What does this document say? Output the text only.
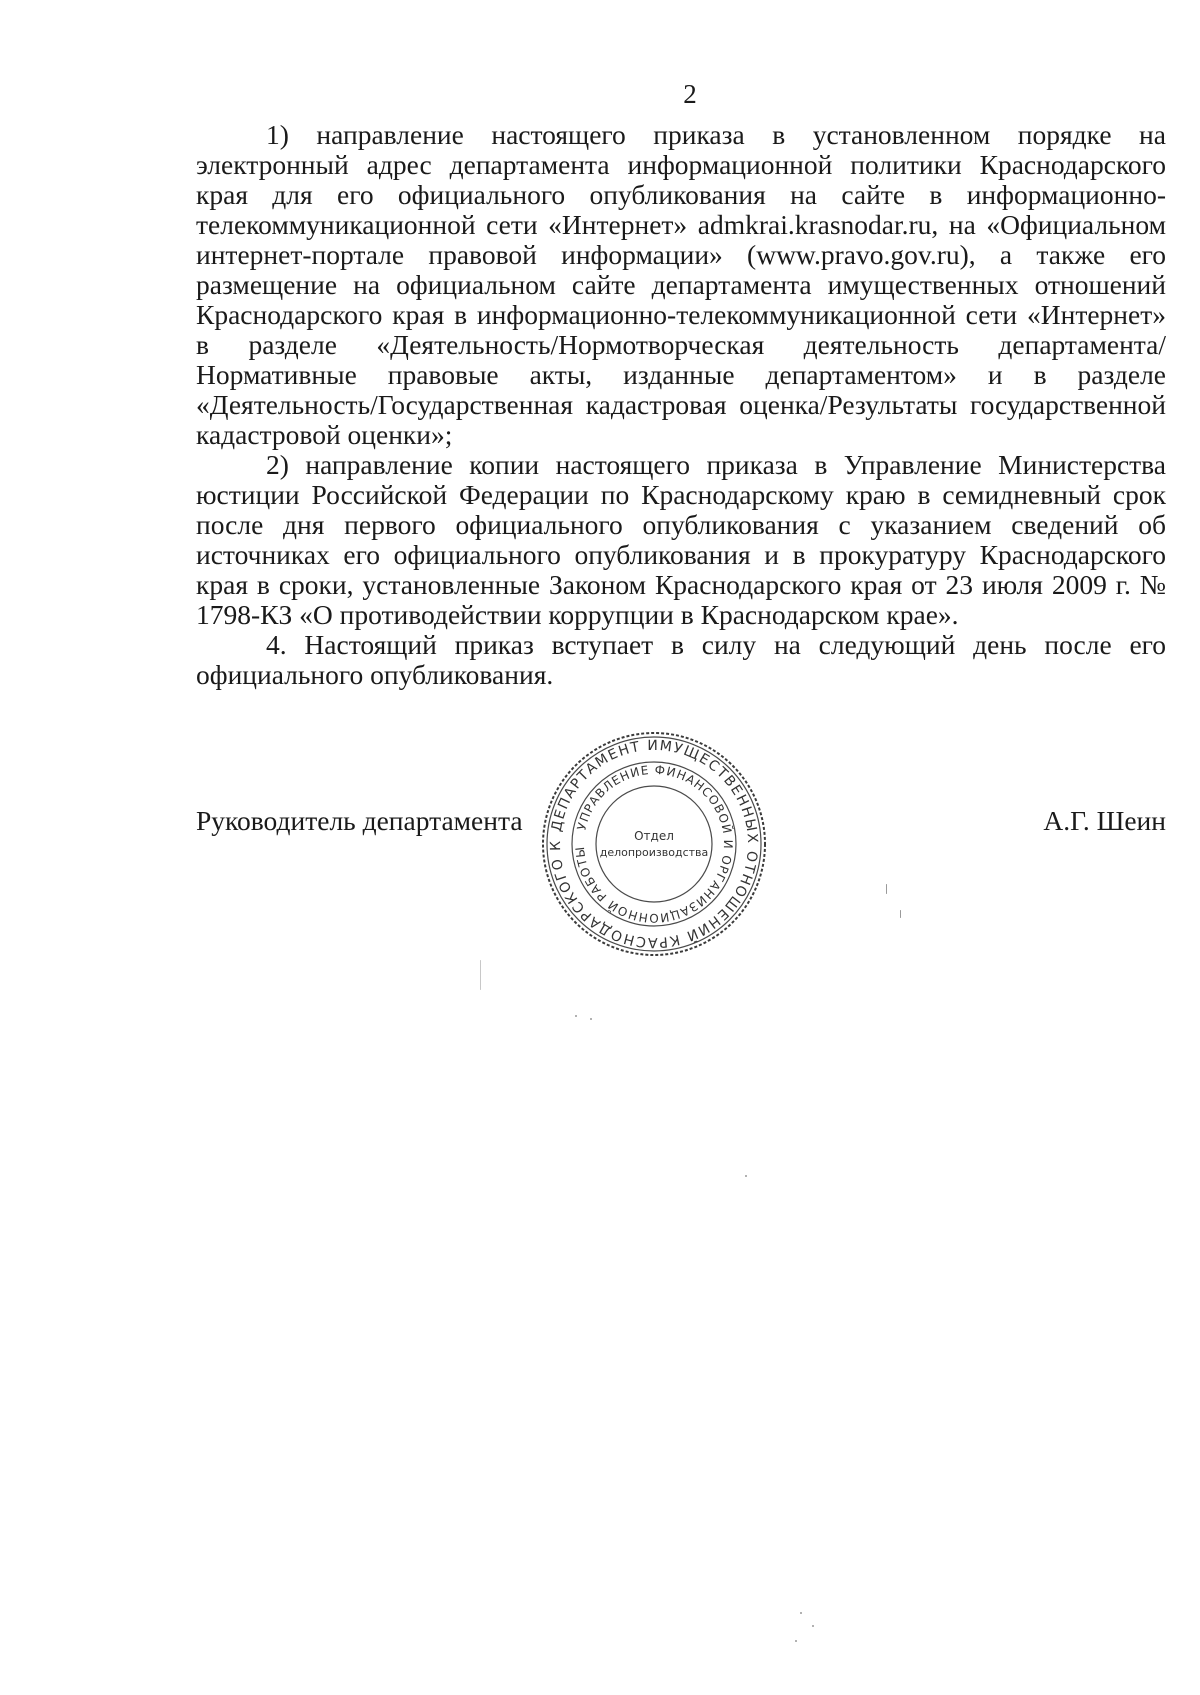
2

1) направление настоящего приказа в установленном порядке на электронный адрес департамента информационной политики Краснодарского края для его официального опубликования на сайте в информационно-телекоммуникационной сети «Интернет» admkrai.krasnodar.ru, на «Официальном интернет-портале правовой информации» (www.pravo.gov.ru), а также его размещение на официальном сайте департамента имущественных отношений Краснодарского края в информационно-телекоммуникационной сети «Интернет» в разделе «Деятельность/Нормотворческая деятельность департамента/Нормативные правовые акты, изданные департаментом» и в разделе «Деятельность/Государственная кадастровая оценка/Результаты государственной кадастровой оценки»;

2) направление копии настоящего приказа в Управление Министерства юстиции Российской Федерации по Краснодарскому краю в семидневный срок после дня первого официального опубликования с указанием сведений об источниках его официального опубликования и в прокуратуру Краснодарского края в сроки, установленные Законом Краснодарского края от 23 июля 2009 г. № 1798-КЗ «О противодействии коррупции в Краснодарском крае».

4. Настоящий приказ вступает в силу на следующий день после его официального опубликования.

Руководитель департамента	А.Г. Шеин
ДЕПАРТАМЕНТ ИМУЩЕСТВЕННЫХ ОТНОШЕНИЙ КРАСНОДАРСКОГО К
УПРАВЛЕНИЕ ФИНАНСОВОЙ И ОРГАНИЗАЦИОННОЙ РАБОТЫ
Отдел
делопроизводства
